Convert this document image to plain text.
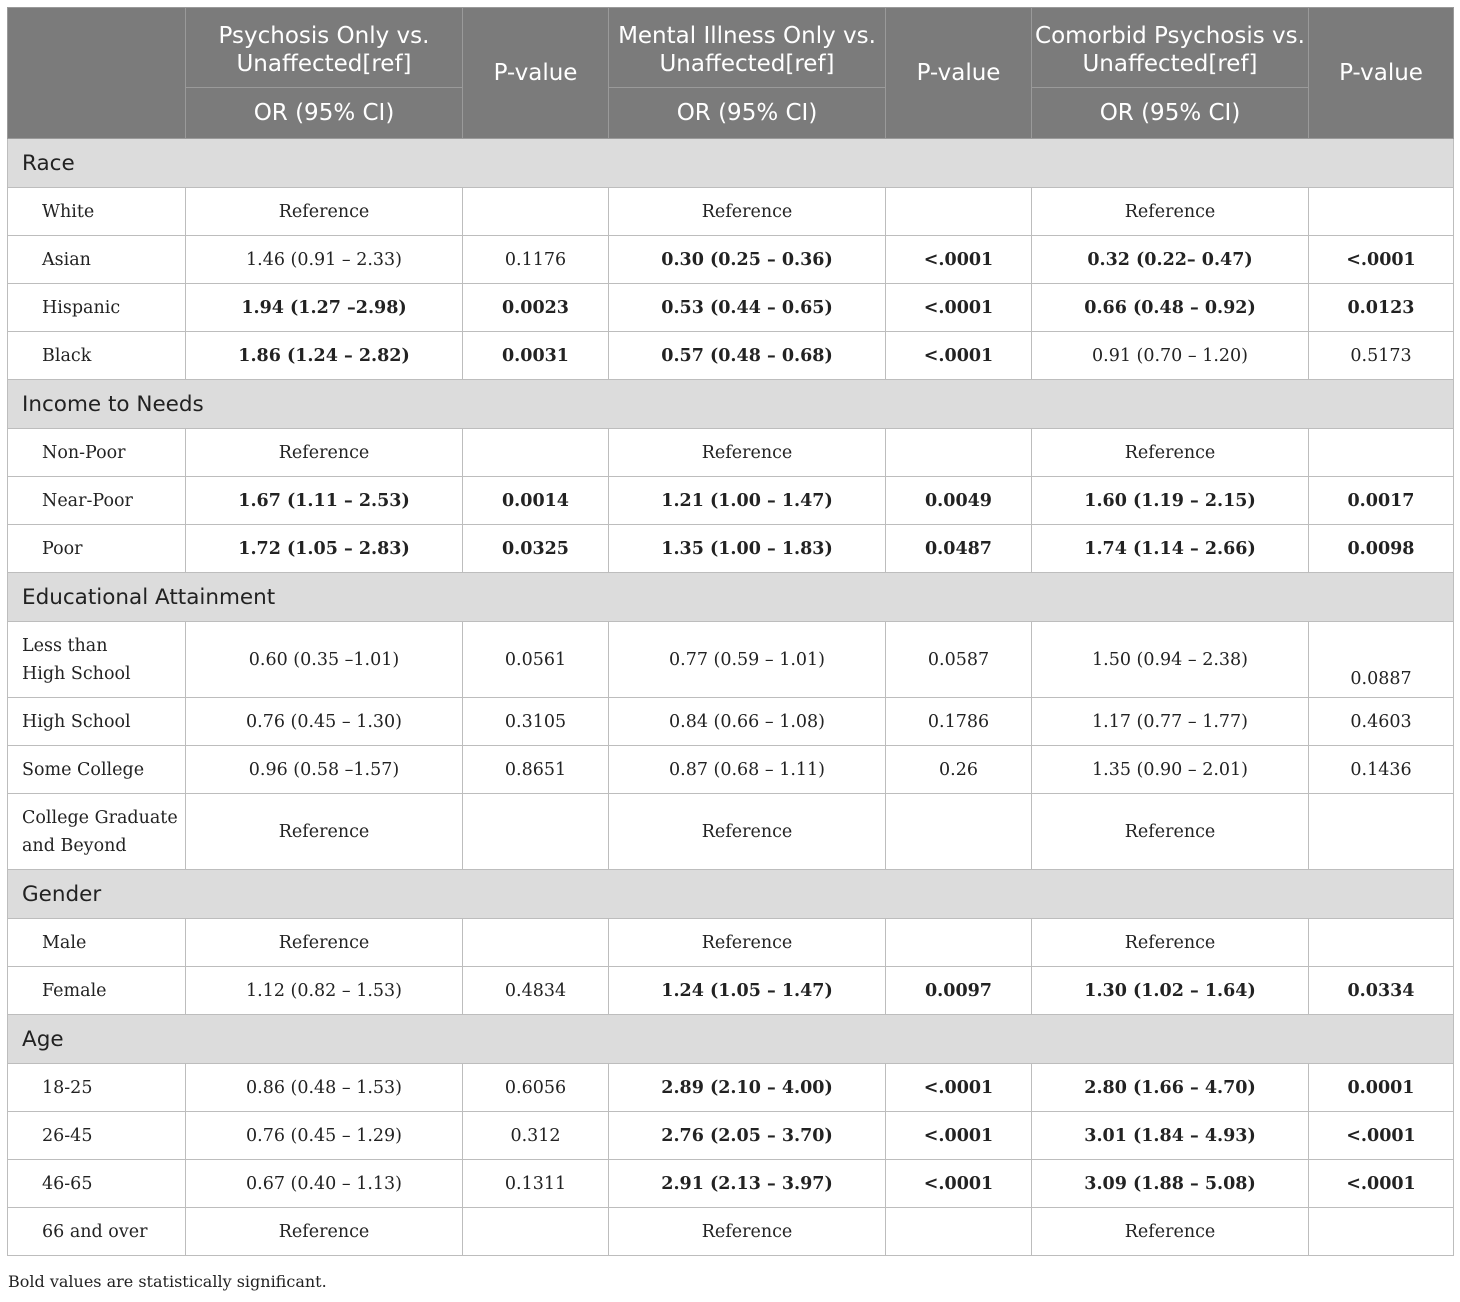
	Psychosis Only vs. Unaffected[ref]	P-value	Mental Illness Only vs. Unaffected[ref]	P-value	Comorbid Psychosis vs. Unaffected[ref]	P-value
	OR (95% CI)		OR (95% CI)		OR (95% CI)	
Race						
White	Reference		Reference		Reference	
Asian	1.46 (0.91 – 2.33)	0.1176	0.30 (0.25 – 0.36)	<.0001	0.32 (0.22– 0.47)	<.0001
Hispanic	1.94 (1.27 –2.98)	0.0023	0.53 (0.44 – 0.65)	<.0001	0.66 (0.48 – 0.92)	0.0123
Black	1.86 (1.24 – 2.82)	0.0031	0.57 (0.48 – 0.68)	<.0001	0.91 (0.70 – 1.20)	0.5173
Income to Needs						
Non-Poor	Reference		Reference		Reference	
Near-Poor	1.67 (1.11 – 2.53)	0.0014	1.21 (1.00 – 1.47)	0.0049	1.60 (1.19 – 2.15)	0.0017
Poor	1.72 (1.05 – 2.83)	0.0325	1.35 (1.00 – 1.83)	0.0487	1.74 (1.14 – 2.66)	0.0098
Educational Attainment						
Less than
High School	0.60 (0.35 –1.01)	0.0561	0.77 (0.59 – 1.01)	0.0587	1.50 (0.94 – 2.38)	0.0887
High School	0.76 (0.45 – 1.30)	0.3105	0.84 (0.66 – 1.08)	0.1786	1.17 (0.77 – 1.77)	0.4603
Some College	0.96 (0.58 –1.57)	0.8651	0.87 (0.68 – 1.11)	0.26	1.35 (0.90 – 2.01)	0.1436
College Graduate
and Beyond	Reference		Reference		Reference	
Gender						
Male	Reference		Reference		Reference	
Female	1.12 (0.82 – 1.53)	0.4834	1.24 (1.05 – 1.47)	0.0097	1.30 (1.02 – 1.64)	0.0334
Age						
18-25	0.86 (0.48 – 1.53)	0.6056	2.89 (2.10 – 4.00)	<.0001	2.80 (1.66 – 4.70)	0.0001
26-45	0.76 (0.45 – 1.29)	0.312	2.76 (2.05 – 3.70)	<.0001	3.01 (1.84 – 4.93)	<.0001
46-65	0.67 (0.40 – 1.13)	0.1311	2.91 (2.13 – 3.97)	<.0001	3.09 (1.88 – 5.08)	<.0001
66 and over	Reference		Reference		Reference	
Bold values are statistically significant.
